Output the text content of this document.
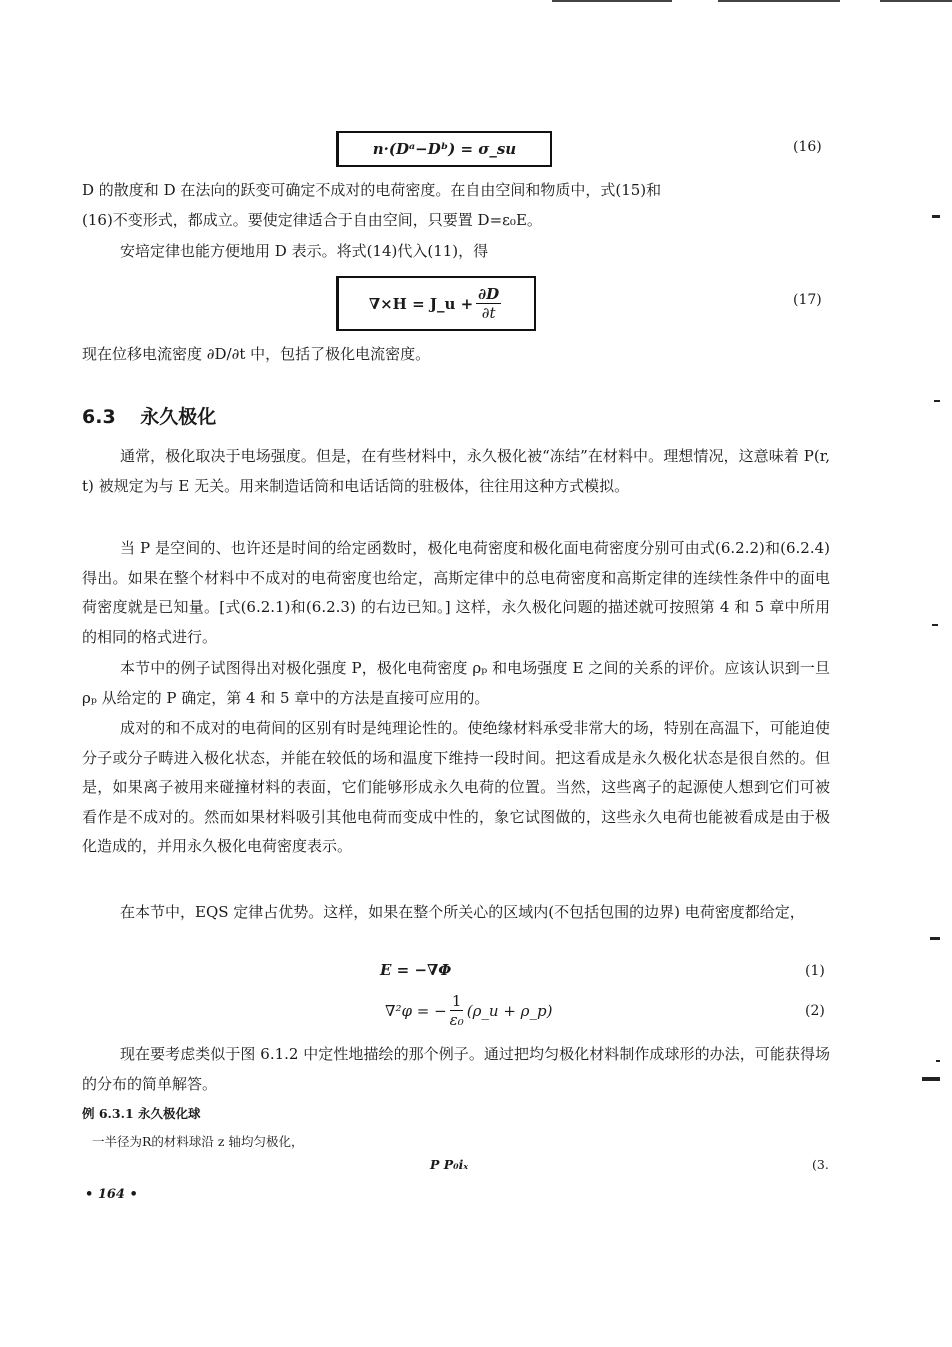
n·(Dᵃ−Dᵇ) = σ_su	(16)

D 的散度和 D 在法向的跃变可确定不成对的电荷密度。在自由空间和物质中，式(15)和
(16)不变形式，都成立。要使定律适合于自由空间，只要置 D=ε₀E。

安培定律也能方便地用 D 表示。将式(14)代入(11)，得

∇×H = J_u + $\frac{\partial D}{\partial t}$	(17)

现在位移电流密度 ∂D/∂t 中，包括了极化电流密度。

6.3 永久极化

通常，极化取决于电场强度。但是，在有些材料中，永久极化被“冻结”在材料中。理想情况，这意味着 P(r, t) 被规定为与 E 无关。用来制造话筒和电话话筒的驻极体，往往用这种方式模拟。

当 P 是空间的、也许还是时间的给定函数时，极化电荷密度和极化面电荷密度分别可由式(6.2.2)和(6.2.4)得出。如果在整个材料中不成对的电荷密度也给定，高斯定律中的总电荷密度和高斯定律的连续性条件中的面电荷密度就是已知量。[式(6.2.1)和(6.2.3) 的右边已知。] 这样，永久极化问题的描述就可按照第 4 和 5 章中所用的相同的格式进行。

本节中的例子试图得出对极化强度 P，极化电荷密度 ρₚ 和电场强度 E 之间的关系的评价。应该认识到一旦 ρₚ 从给定的 P 确定，第 4 和 5 章中的方法是直接可应用的。

成对的和不成对的电荷间的区别有时是纯理论性的。使绝缘材料承受非常大的场，特别在高温下，可能迫使分子或分子畴进入极化状态，并能在较低的场和温度下维持一段时间。把这看成是永久极化状态是很自然的。但是，如果离子被用来碰撞材料的表面，它们能够形成永久电荷的位置。当然，这些离子的起源使人想到它们可被看作是不成对的。然而如果材料吸引其他电荷而变成中性的，象它试图做的，这些永久电荷也能被看成是由于极化造成的，并用永久极化电荷密度表示。

在本节中，EQS 定律占优势。这样，如果在整个所关心的区域内(不包括包围的边界) 电荷密度都给定，

E = −∇Φ	(1)
∇²φ = − $\frac{1}{\text{ε₀}}$ (ρ_u + ρ_p)	(2)

现在要考虑类似于图 6.1.2 中定性地描绘的那个例子。通过把均匀极化材料制作成球形的办法，可能获得场的分布的简单解答。

例 6.3.1 永久极化球
一半径为R的材料球沿 z 轴均匀极化，
P P₀iₓ	(3.
• 164 •
